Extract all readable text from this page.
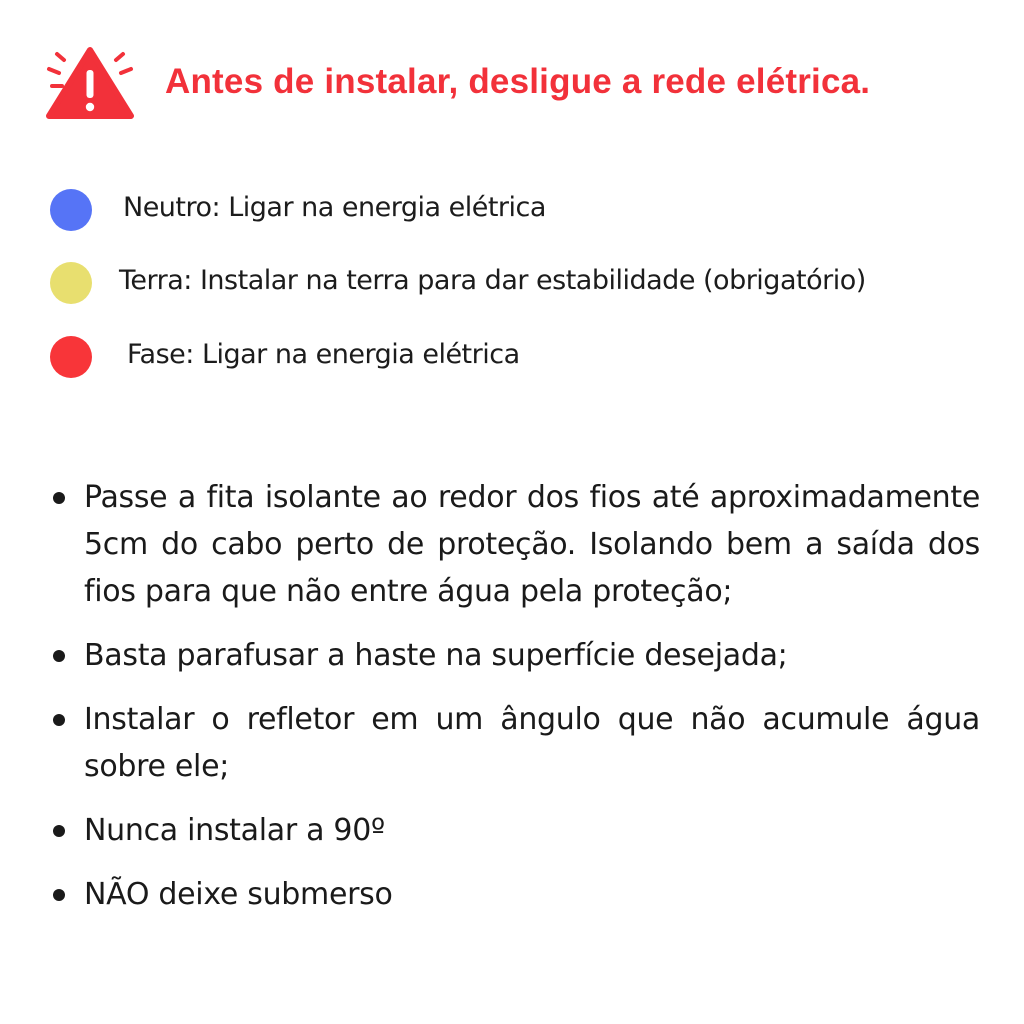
Antes de instalar, desligue a rede elétrica.
Neutro: Ligar na energia elétrica
Terra: Instalar na terra para dar estabilidade (obrigatório)
Fase: Ligar na energia elétrica
Passe a fita isolante ao redor dos fios até aproximadamente 5cm do cabo perto de proteção. Isolando bem a saída dos fios para que não entre água pela proteção;
Basta parafusar a haste na superfície desejada;
Instalar o refletor em um ângulo que não acumule água sobre ele;
Nunca instalar a 90º
NÃO deixe submerso
